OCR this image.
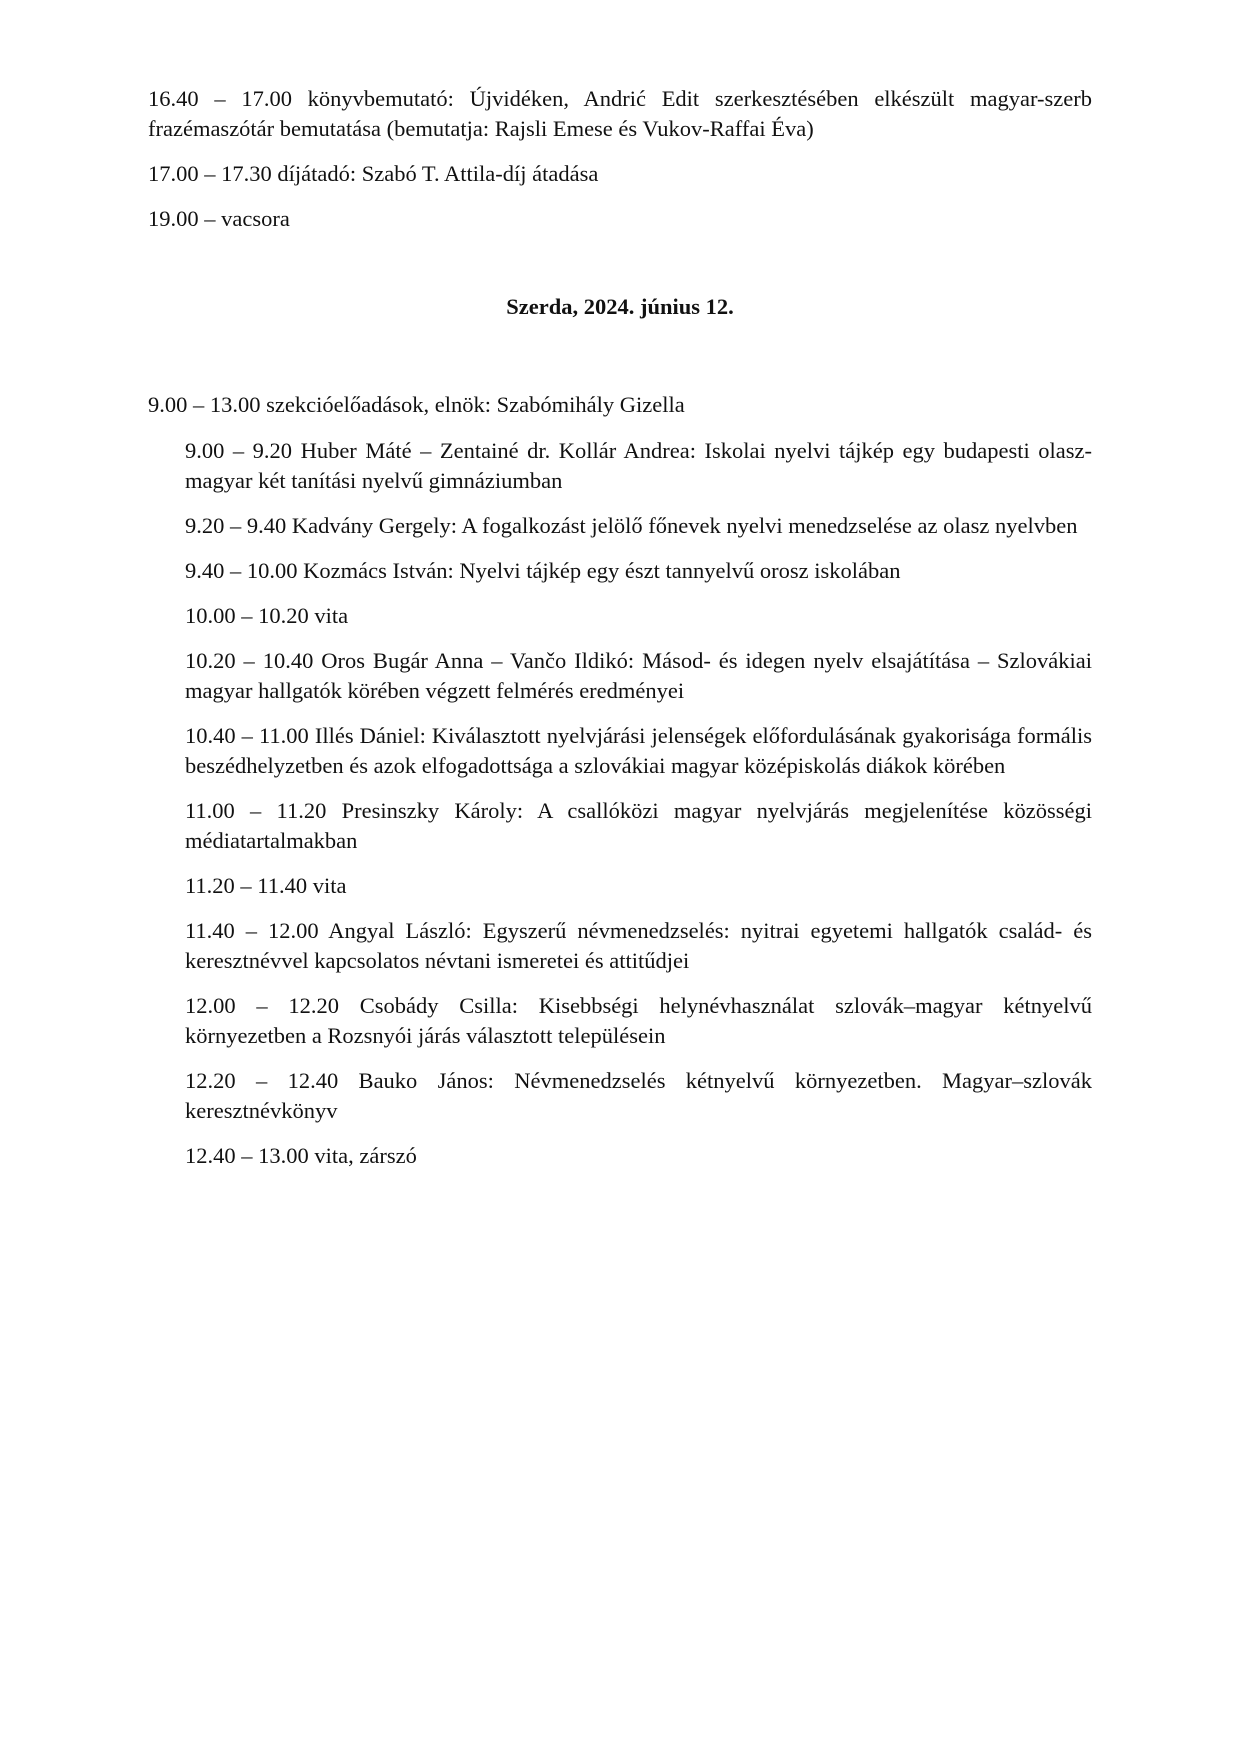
16.40 – 17.00 könyvbemutató: Újvidéken, Andrić Edit szerkesztésében elkészült magyar-szerb frazémaszótár bemutatása (bemutatja: Rajsli Emese és Vukov-Raffai Éva)

17.00 – 17.30 díjátadó: Szabó T. Attila-díj átadása

19.00 – vacsora

Szerda, 2024. június 12.

9.00 – 13.00 szekcióelőadások, elnök: Szabómihály Gizella

9.00 – 9.20 Huber Máté – Zentainé dr. Kollár Andrea: Iskolai nyelvi tájkép egy budapesti olasz-magyar két tanítási nyelvű gimnáziumban

9.20 – 9.40 Kadvány Gergely: A fogalkozást jelölő főnevek nyelvi menedzselése az olasz nyelvben

9.40 – 10.00 Kozmács István: Nyelvi tájkép egy észt tannyelvű orosz iskolában

10.00 – 10.20 vita

10.20 – 10.40 Oros Bugár Anna – Vančo Ildikó: Másod- és idegen nyelv elsajátítása – Szlovákiai magyar hallgatók körében végzett felmérés eredményei

10.40 – 11.00 Illés Dániel: Kiválasztott nyelvjárási jelenségek előfordulásának gyakorisága formális beszédhelyzetben és azok elfogadottsága a szlovákiai magyar középiskolás diákok körében

11.00 – 11.20 Presinszky Károly: A csallóközi magyar nyelvjárás megjelenítése közösségi médiatartalmakban

11.20 – 11.40 vita

11.40 – 12.00 Angyal László: Egyszerű névmenedzselés: nyitrai egyetemi hallgatók család- és keresztnévvel kapcsolatos névtani ismeretei és attitűdjei

12.00 – 12.20 Csobády Csilla: Kisebbségi helynévhasználat szlovák–magyar kétnyelvű környezetben a Rozsnyói járás választott településein

12.20 – 12.40 Bauko János: Névmenedzselés kétnyelvű környezetben. Magyar–szlovák keresztnévkönyv

12.40 – 13.00 vita, zárszó
